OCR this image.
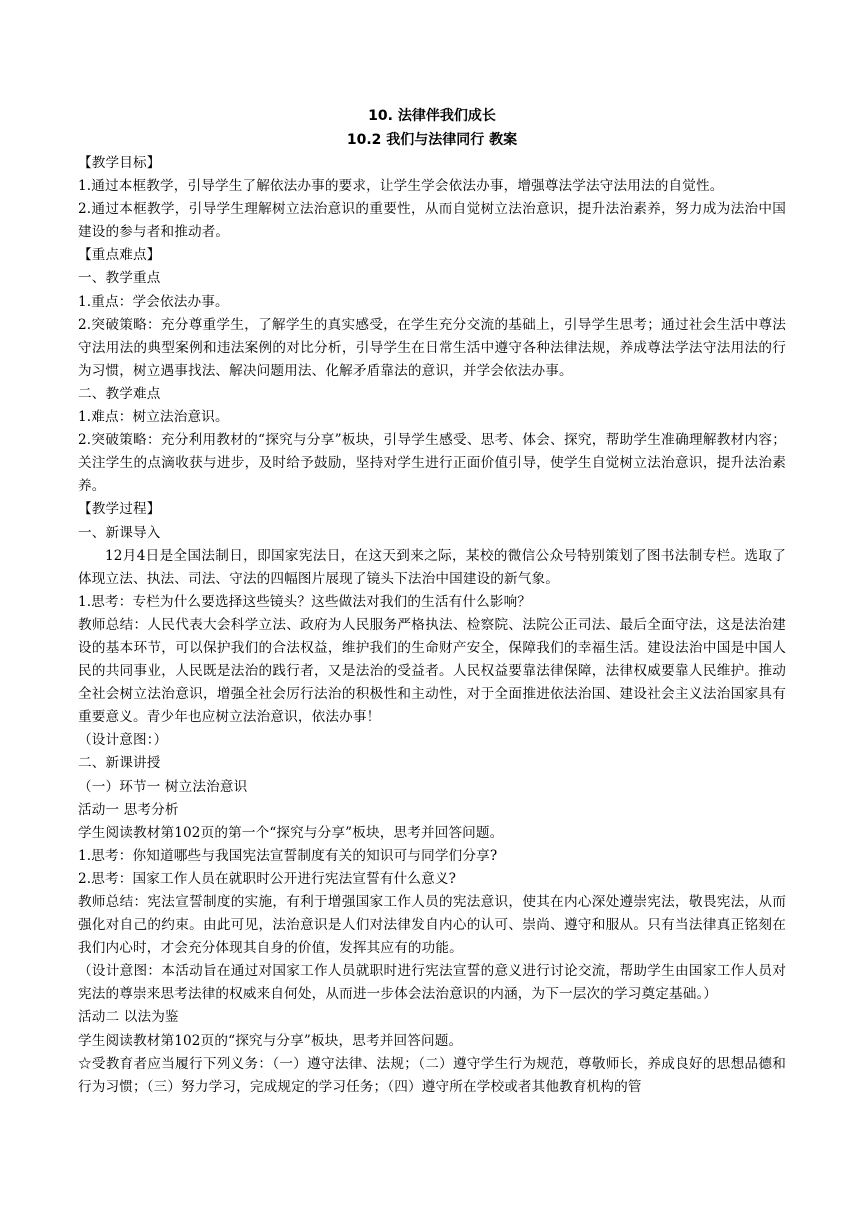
10. 法律伴我们成长
10.2 我们与法律同行 教案

【教学目标】

1.通过本框教学，引导学生了解依法办事的要求，让学生学会依法办事，增强尊法学法守法用法的自觉性。

2.通过本框教学，引导学生理解树立法治意识的重要性，从而自觉树立法治意识，提升法治素养，努力成为法治中国建设的参与者和推动者。

【重点难点】

一、教学重点

1.重点：学会依法办事。

2.突破策略：充分尊重学生，了解学生的真实感受，在学生充分交流的基础上，引导学生思考；通过社会生活中尊法守法用法的典型案例和违法案例的对比分析，引导学生在日常生活中遵守各种法律法规，养成尊法学法守法用法的行为习惯，树立遇事找法、解决问题用法、化解矛盾靠法的意识，并学会依法办事。

二、教学难点

1.难点：树立法治意识。

2.突破策略：充分利用教材的“探究与分享”板块，引导学生感受、思考、体会、探究，帮助学生准确理解教材内容；关注学生的点滴收获与进步，及时给予鼓励，坚持对学生进行正面价值引导，使学生自觉树立法治意识，提升法治素养。

【教学过程】

一、新课导入

12月4日是全国法制日，即国家宪法日，在这天到来之际，某校的微信公众号特别策划了图书法制专栏。选取了体现立法、执法、司法、守法的四幅图片展现了镜头下法治中国建设的新气象。

1.思考：专栏为什么要选择这些镜头？这些做法对我们的生活有什么影响？

教师总结：人民代表大会科学立法、政府为人民服务严格执法、检察院、法院公正司法、最后全面守法，这是法治建设的基本环节，可以保护我们的合法权益，维护我们的生命财产安全，保障我们的幸福生活。建设法治中国是中国人民的共同事业，人民既是法治的践行者，又是法治的受益者。人民权益要靠法律保障，法律权威要靠人民维护。推动全社会树立法治意识，增强全社会厉行法治的积极性和主动性，对于全面推进依法治国、建设社会主义法治国家具有重要意义。青少年也应树立法治意识，依法办事！

（设计意图：）

二、新课讲授

（一）环节一 树立法治意识

活动一 思考分析

学生阅读教材第102页的第一个“探究与分享”板块，思考并回答问题。

1.思考：你知道哪些与我国宪法宣誓制度有关的知识可与同学们分享?

2.思考：国家工作人员在就职时公开进行宪法宣誓有什么意义?

教师总结：宪法宣誓制度的实施，有利于增强国家工作人员的宪法意识，使其在内心深处遵崇宪法，敬畏宪法，从而强化对自己的约束。由此可见，法治意识是人们对法律发自内心的认可、崇尚、遵守和服从。只有当法律真正铭刻在我们内心时，才会充分体现其自身的价值，发挥其应有的功能。

（设计意图：本活动旨在通过对国家工作人员就职时进行宪法宣誓的意义进行讨论交流，帮助学生由国家工作人员对宪法的尊崇来思考法律的权威来自何处，从而进一步体会法治意识的内涵，为下一层次的学习奠定基础。）

活动二 以法为鉴

学生阅读教材第102页的“探究与分享”板块，思考并回答问题。

☆受教育者应当履行下列义务：（一）遵守法律、法规；（二）遵守学生行为规范，尊敬师长，养成良好的思想品德和行为习惯；（三）努力学习，完成规定的学习任务；（四）遵守所在学校或者其他教育机构的管
